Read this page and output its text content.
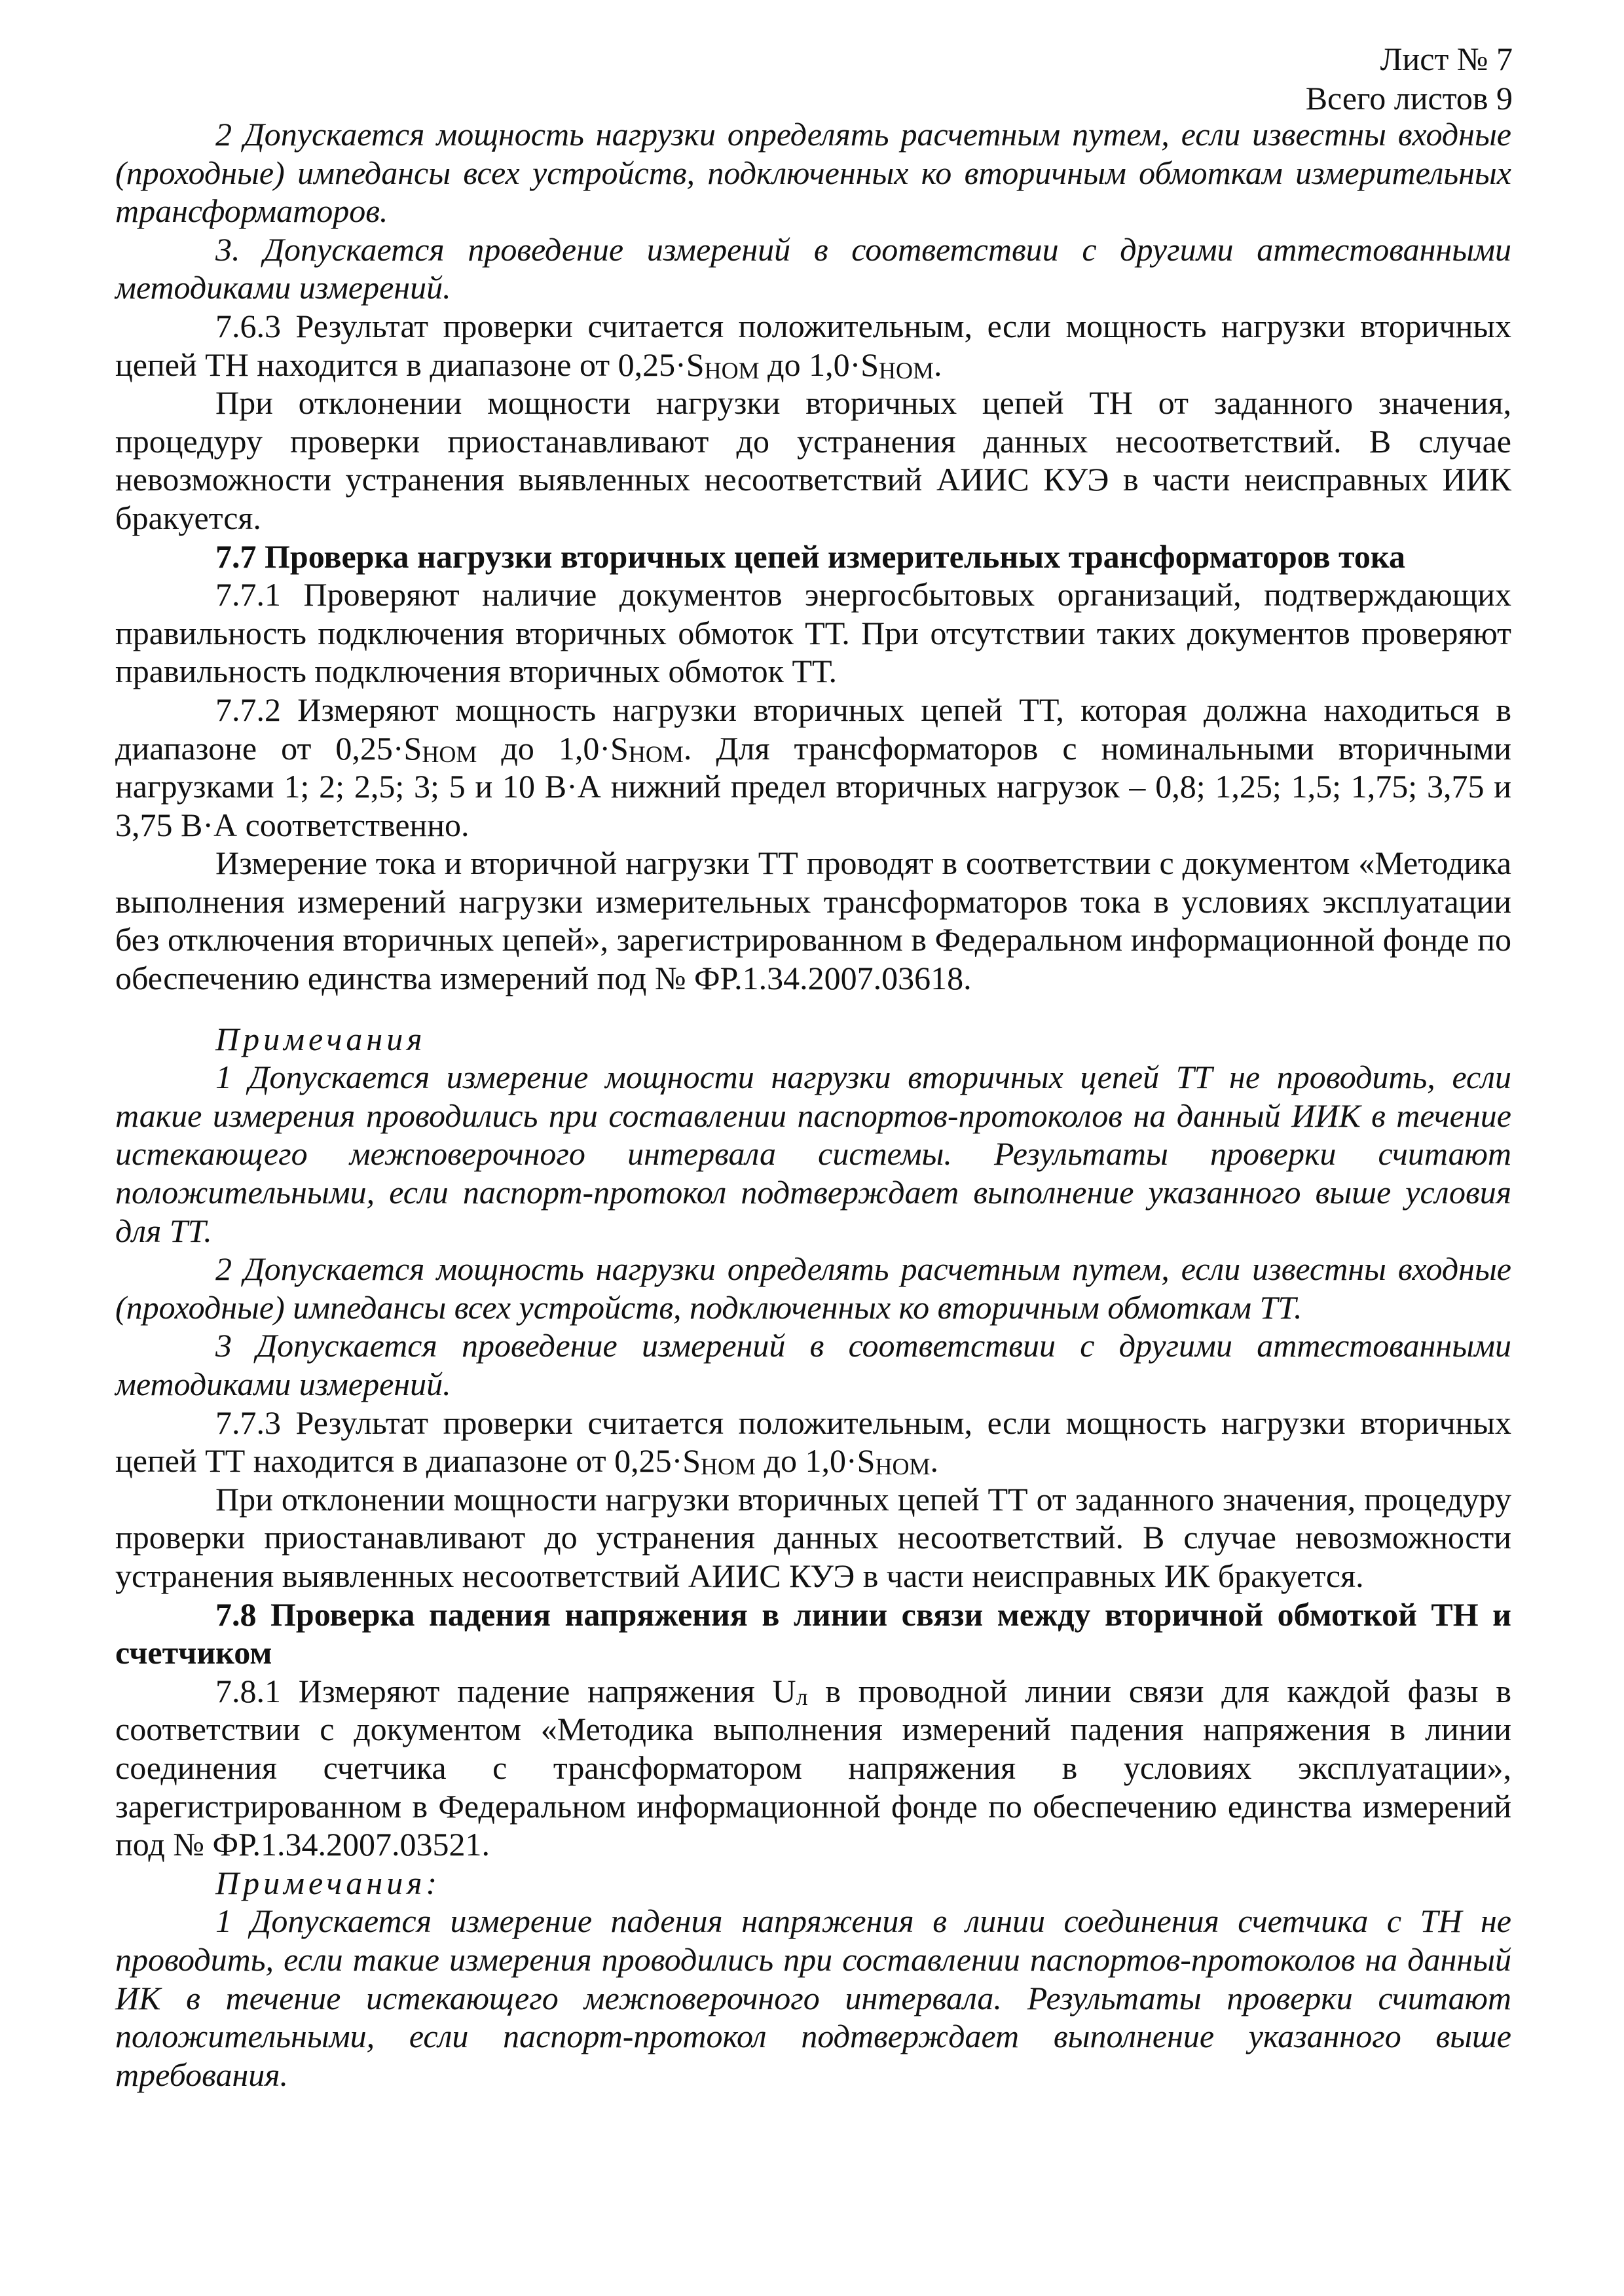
Лист № 7
Всего листов 9

2 Допускается мощность нагрузки определять расчетным путем, если известны входные (проходные) импедансы всех устройств, подключенных ко вторичным обмоткам измерительных трансформаторов.

3. Допускается проведение измерений в соответствии с другими аттестованными методиками измерений.

7.6.3 Результат проверки считается положительным, если мощность нагрузки вторичных цепей ТН находится в диапазоне от $0,25\cdot S_{НОМ}$ до $1,0\cdot S_{НОМ}$.

При отклонении мощности нагрузки вторичных цепей ТН от заданного значения, процедуру проверки приостанавливают до устранения данных несоответствий. В случае невозможности устранения выявленных несоответствий АИИС КУЭ в части неисправных ИИК бракуется.

7.7 Проверка нагрузки вторичных цепей измерительных трансформаторов тока

7.7.1 Проверяют наличие документов энергосбытовых организаций, подтверждающих правильность подключения вторичных обмоток ТТ. При отсутствии таких документов проверяют правильность подключения вторичных обмоток ТТ.

7.7.2 Измеряют мощность нагрузки вторичных цепей ТТ, которая должна находиться в диапазоне от $0,25\cdot S_{НОМ}$ до $1,0\cdot S_{НОМ}$. Для трансформаторов с номинальными вторичными нагрузками 1; 2; 2,5; 3; 5 и 10 В·А нижний предел вторичных нагрузок – 0,8; 1,25; 1,5; 1,75; 3,75 и 3,75 В·А соответственно.

Измерение тока и вторичной нагрузки ТТ проводят в соответствии с документом «Методика выполнения измерений нагрузки измерительных трансформаторов тока в условиях эксплуатации без отключения вторичных цепей», зарегистрированном в Федеральном информационной фонде по обеспечению единства измерений под № ФР.1.34.2007.03618.

Примечания

1 Допускается измерение мощности нагрузки вторичных цепей ТТ не проводить, если такие измерения проводились при составлении паспортов-протоколов на данный ИИК в течение истекающего межповерочного интервала системы. Результаты проверки считают положительными, если паспорт-протокол подтверждает выполнение указанного выше условия для ТТ.

2 Допускается мощность нагрузки определять расчетным путем, если известны входные (проходные) импедансы всех устройств, подключенных ко вторичным обмоткам ТТ.

3 Допускается проведение измерений в соответствии с другими аттестованными методиками измерений.

7.7.3 Результат проверки считается положительным, если мощность нагрузки вторичных цепей ТТ находится в диапазоне от $0,25\cdot S_{НОМ}$ до $1,0\cdot S_{НОМ}$.

При отклонении мощности нагрузки вторичных цепей ТТ от заданного значения, процедуру проверки приостанавливают до устранения данных несоответствий. В случае невозможности устранения выявленных несоответствий АИИС КУЭ в части неисправных ИК бракуется.

7.8 Проверка падения напряжения в линии связи между вторичной обмоткой ТН и счетчиком

7.8.1 Измеряют падение напряжения $U_л$ в проводной линии связи для каждой фазы в соответствии с документом «Методика выполнения измерений падения напряжения в линии соединения счетчика с трансформатором напряжения в условиях эксплуатации», зарегистрированном в Федеральном информационной фонде по обеспечению единства измерений под № ФР.1.34.2007.03521.

Примечания:

1 Допускается измерение падения напряжения в линии соединения счетчика с ТН не проводить, если такие измерения проводились при составлении паспортов-протоколов на данный ИК в течение истекающего межповерочного интервала. Результаты проверки считают положительными, если паспорт-протокол подтверждает выполнение указанного выше требования.
